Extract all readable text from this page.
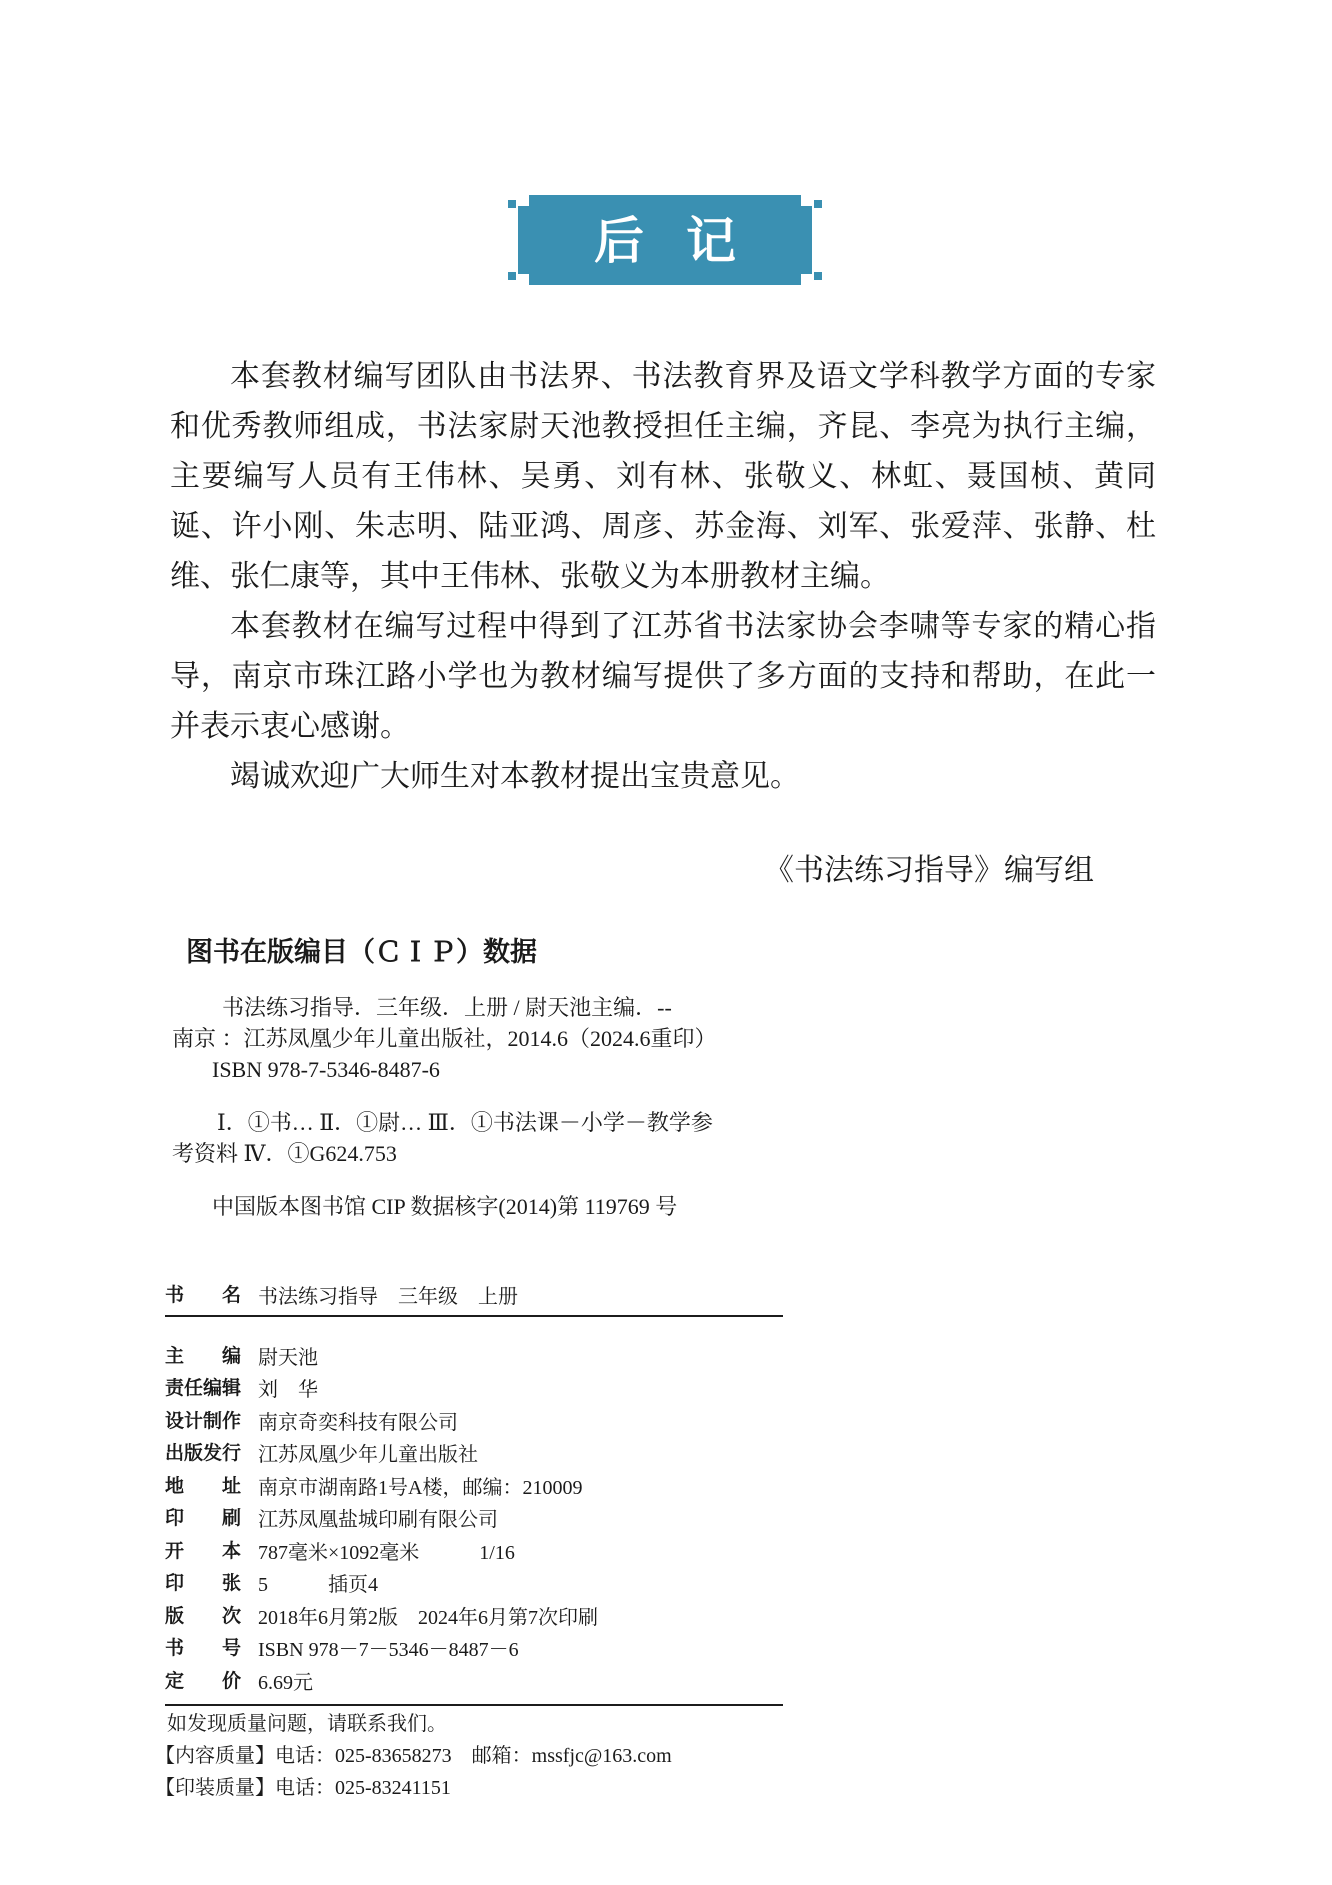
后 记

本套教材编写团队由书法界、书法教育界及语文学科教学方面的专家和优秀教师组成，书法家尉天池教授担任主编，齐昆、李亮为执行主编，主要编写人员有王伟林、吴勇、刘有林、张敬义、林虹、聂国桢、黄同诞、许小刚、朱志明、陆亚鸿、周彦、苏金海、刘军、张爱萍、张静、杜维、张仁康等，其中王伟林、张敬义为本册教材主编。

本套教材在编写过程中得到了江苏省书法家协会李啸等专家的精心指导，南京市珠江路小学也为教材编写提供了多方面的支持和帮助，在此一并表示衷心感谢。

竭诚欢迎广大师生对本教材提出宝贵意见。

《书法练习指导》编写组
图书在版编目（ＣＩＰ）数据
书法练习指导．三年级．上册 / 尉天池主编．--
南京 ：江苏凤凰少年儿童出版社，2014.6（2024.6重印）
ISBN 978-7-5346-8487-6
Ⅰ．①书… Ⅱ．①尉… Ⅲ．①书法课－小学－教学参
考资料 Ⅳ．①G624.753
中国版本图书馆 CIP 数据核字(2014)第 119769 号
书　　名 书法练习指导　三年级　上册
主　　编 尉天池
责任编辑 刘　华
设计制作 南京奇奕科技有限公司
出版发行 江苏凤凰少年儿童出版社
地　　址 南京市湖南路1号A楼，邮编：210009
印　　刷 江苏凤凰盐城印刷有限公司
开　　本 787毫米×1092毫米　　　1/16
印　　张 5　　　插页4
版　　次 2018年6月第2版　2024年6月第7次印刷
书　　号 ISBN 978－7－5346－8487－6
定　　价 6.69元
如发现质量问题，请联系我们。
【内容质量】电话：025-83658273　邮箱：mssfjc@163.com
【印装质量】电话：025-83241151
